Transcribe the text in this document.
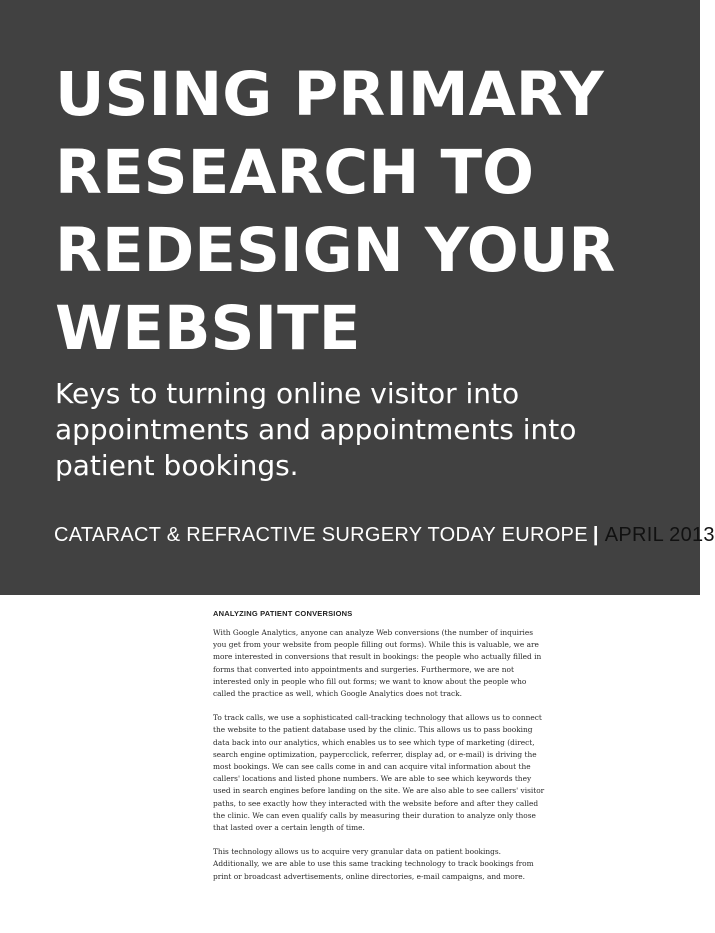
USING PRIMARY
RESEARCH TO
REDESIGN YOUR
WEBSITE

Keys to turning online visitor into
appointments and appointments into
patient bookings.

CATARACT & REFRACTIVE SURGERY TODAY EUROPE | APRIL 2013
ANALYZING PATIENT CONVERSIONS

With Google Analytics, anyone can analyze Web conversions (the number of inquiries
you get from your website from people filling out forms). While this is valuable, we are
more interested in conversions that result in bookings: the people who actually filled in
forms that converted into appointments and surgeries. Furthermore, we are not
interested only in people who fill out forms; we want to know about the people who
called the practice as well, which Google Analytics does not track.

To track calls, we use a sophisticated call-tracking technology that allows us to connect
the website to the patient database used by the clinic. This allows us to pass booking
data back into our analytics, which enables us to see which type of marketing (direct,
search engine optimization, paypercclick, referrer, display ad, or e-mail) is driving the
most bookings. We can see calls come in and can acquire vital information about the
callers' locations and listed phone numbers. We are able to see which keywords they
used in search engines before landing on the site. We are also able to see callers' visitor
paths, to see exactly how they interacted with the website before and after they called
the clinic. We can even qualify calls by measuring their duration to analyze only those
that lasted over a certain length of time.

This technology allows us to acquire very granular data on patient bookings.
Additionally, we are able to use this same tracking technology to track bookings from
print or broadcast advertisements, online directories, e-mail campaigns, and more.
